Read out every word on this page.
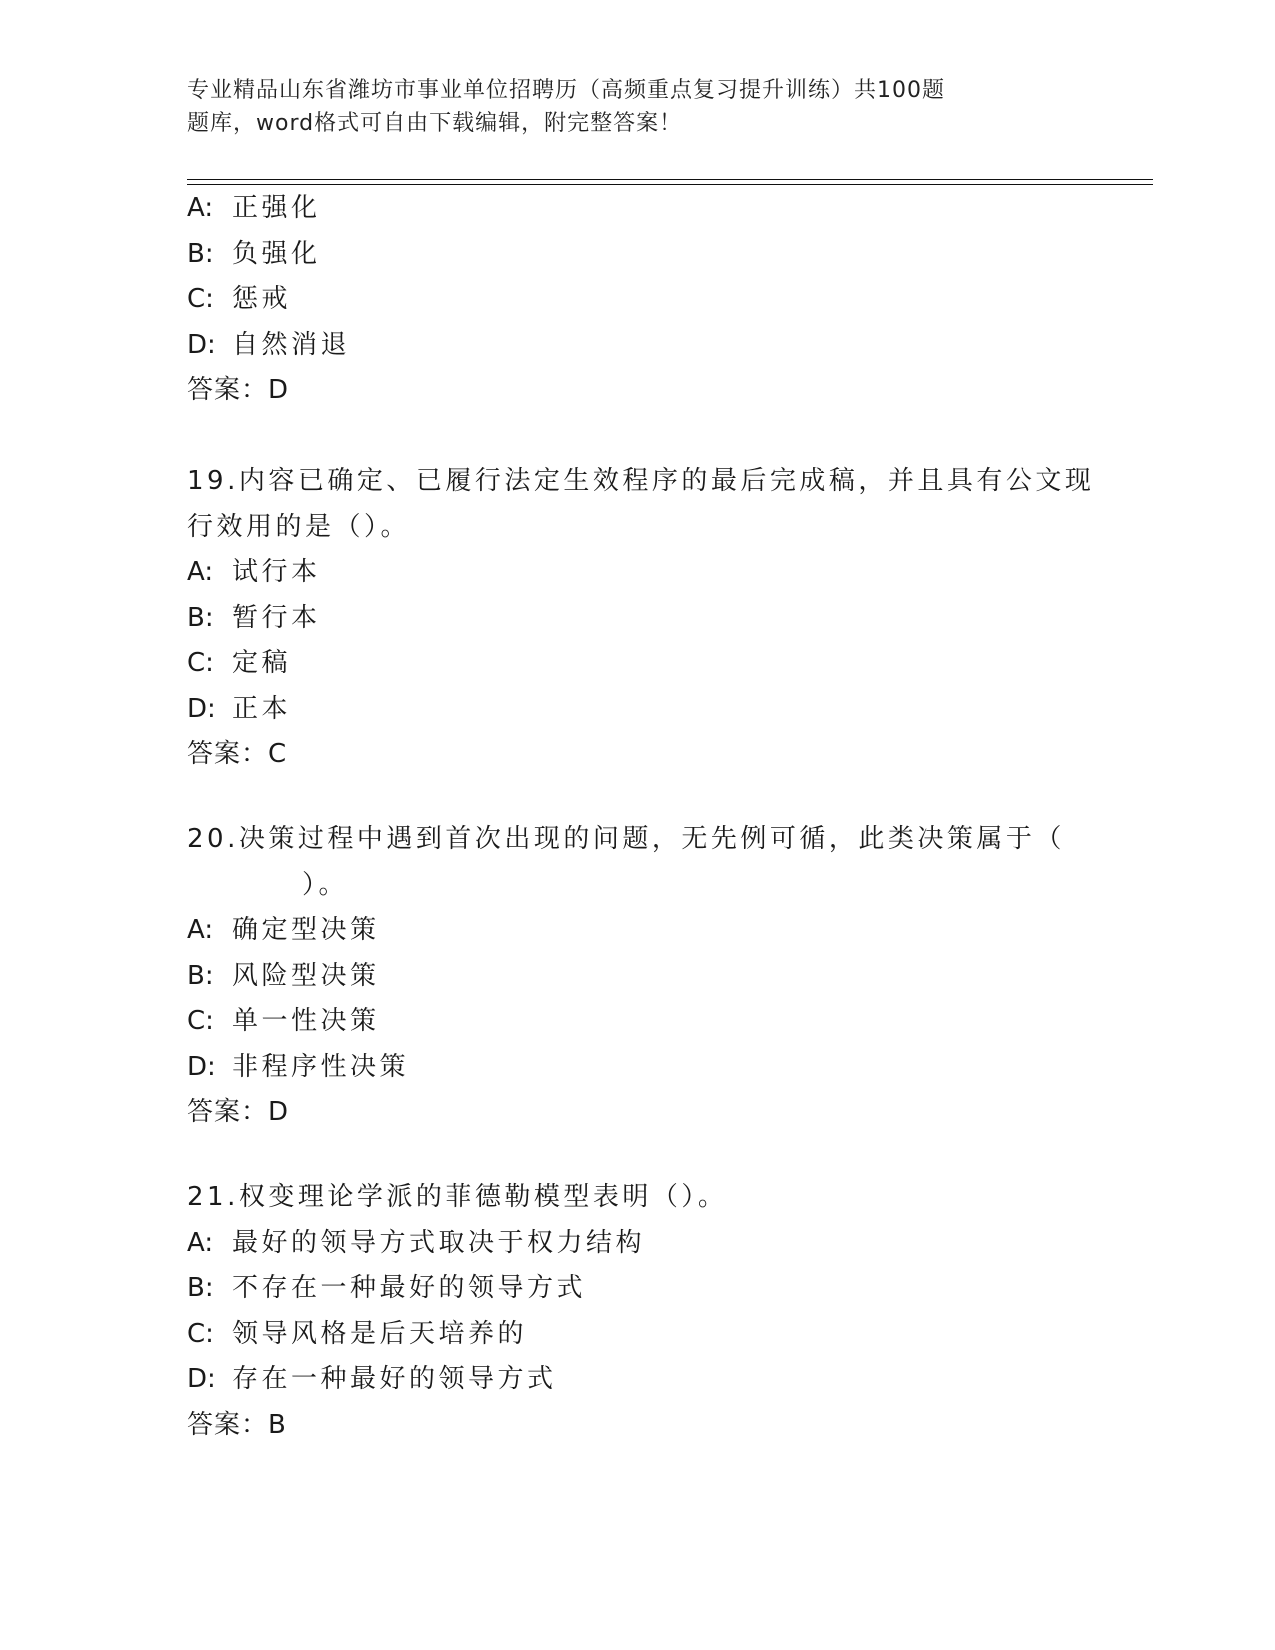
专业精品山东省潍坊市事业单位招聘历（高频重点复习提升训练）共100题
题库，word格式可自由下载编辑，附完整答案！
A: 正强化
B: 负强化
C: 惩戒
D: 自然消退
答案：D
19.内容已确定、已履行法定生效程序的最后完成稿，并且具有公文现
行效用的是（）。
A: 试行本
B: 暂行本
C: 定稿
D: 正本
答案：C
20.决策过程中遇到首次出现的问题，无先例可循，此类决策属于（
）。
A: 确定型决策
B: 风险型决策
C: 单一性决策
D: 非程序性决策
答案：D
21.权变理论学派的菲德勒模型表明（）。
A: 最好的领导方式取决于权力结构
B: 不存在一种最好的领导方式
C: 领导风格是后天培养的
D: 存在一种最好的领导方式
答案：B
